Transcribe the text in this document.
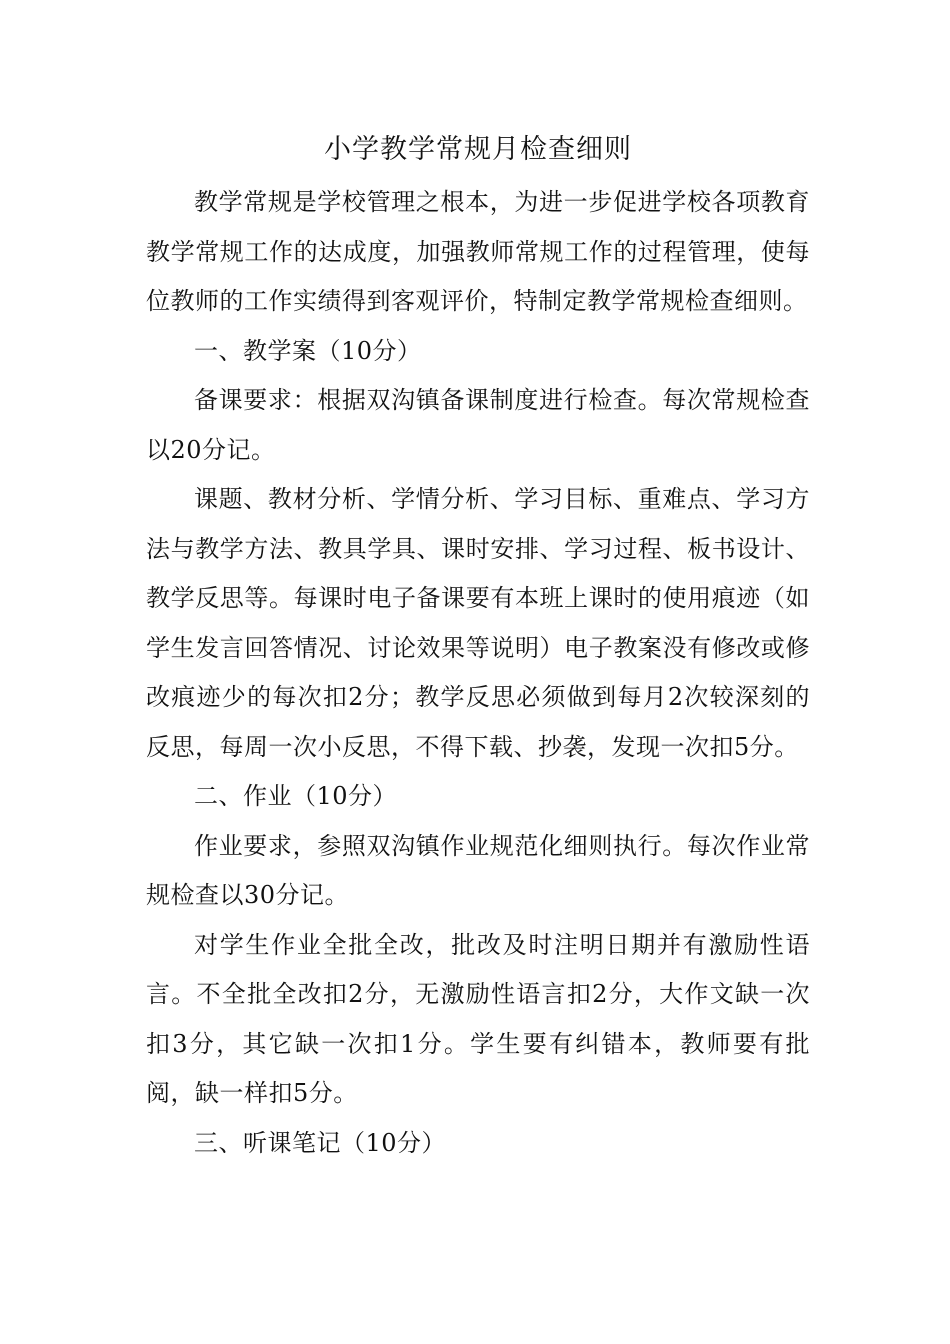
小学教学常规月检查细则

教学常规是学校管理之根本，为进一步促进学校各项教育教学常规工作的达成度，加强教师常规工作的过程管理，使每位教师的工作实绩得到客观评价，特制定教学常规检查细则。

一、教学案（10分）

备课要求：根据双沟镇备课制度进行检查。每次常规检查以20分记。

课题、教材分析、学情分析、学习目标、重难点、学习方法与教学方法、教具学具、课时安排、学习过程、板书设计、教学反思等。每课时电子备课要有本班上课时的使用痕迹（如学生发言回答情况、讨论效果等说明）电子教案没有修改或修改痕迹少的每次扣2分；教学反思必须做到每月2次较深刻的反思，每周一次小反思，不得下载、抄袭，发现一次扣5分。

二、作业（10分）

作业要求，参照双沟镇作业规范化细则执行。每次作业常规检查以30分记。

对学生作业全批全改，批改及时注明日期并有激励性语言。不全批全改扣2分，无激励性语言扣2分，大作文缺一次扣3分，其它缺一次扣1分。学生要有纠错本，教师要有批阅，缺一样扣5分。

三、听课笔记（10分）
